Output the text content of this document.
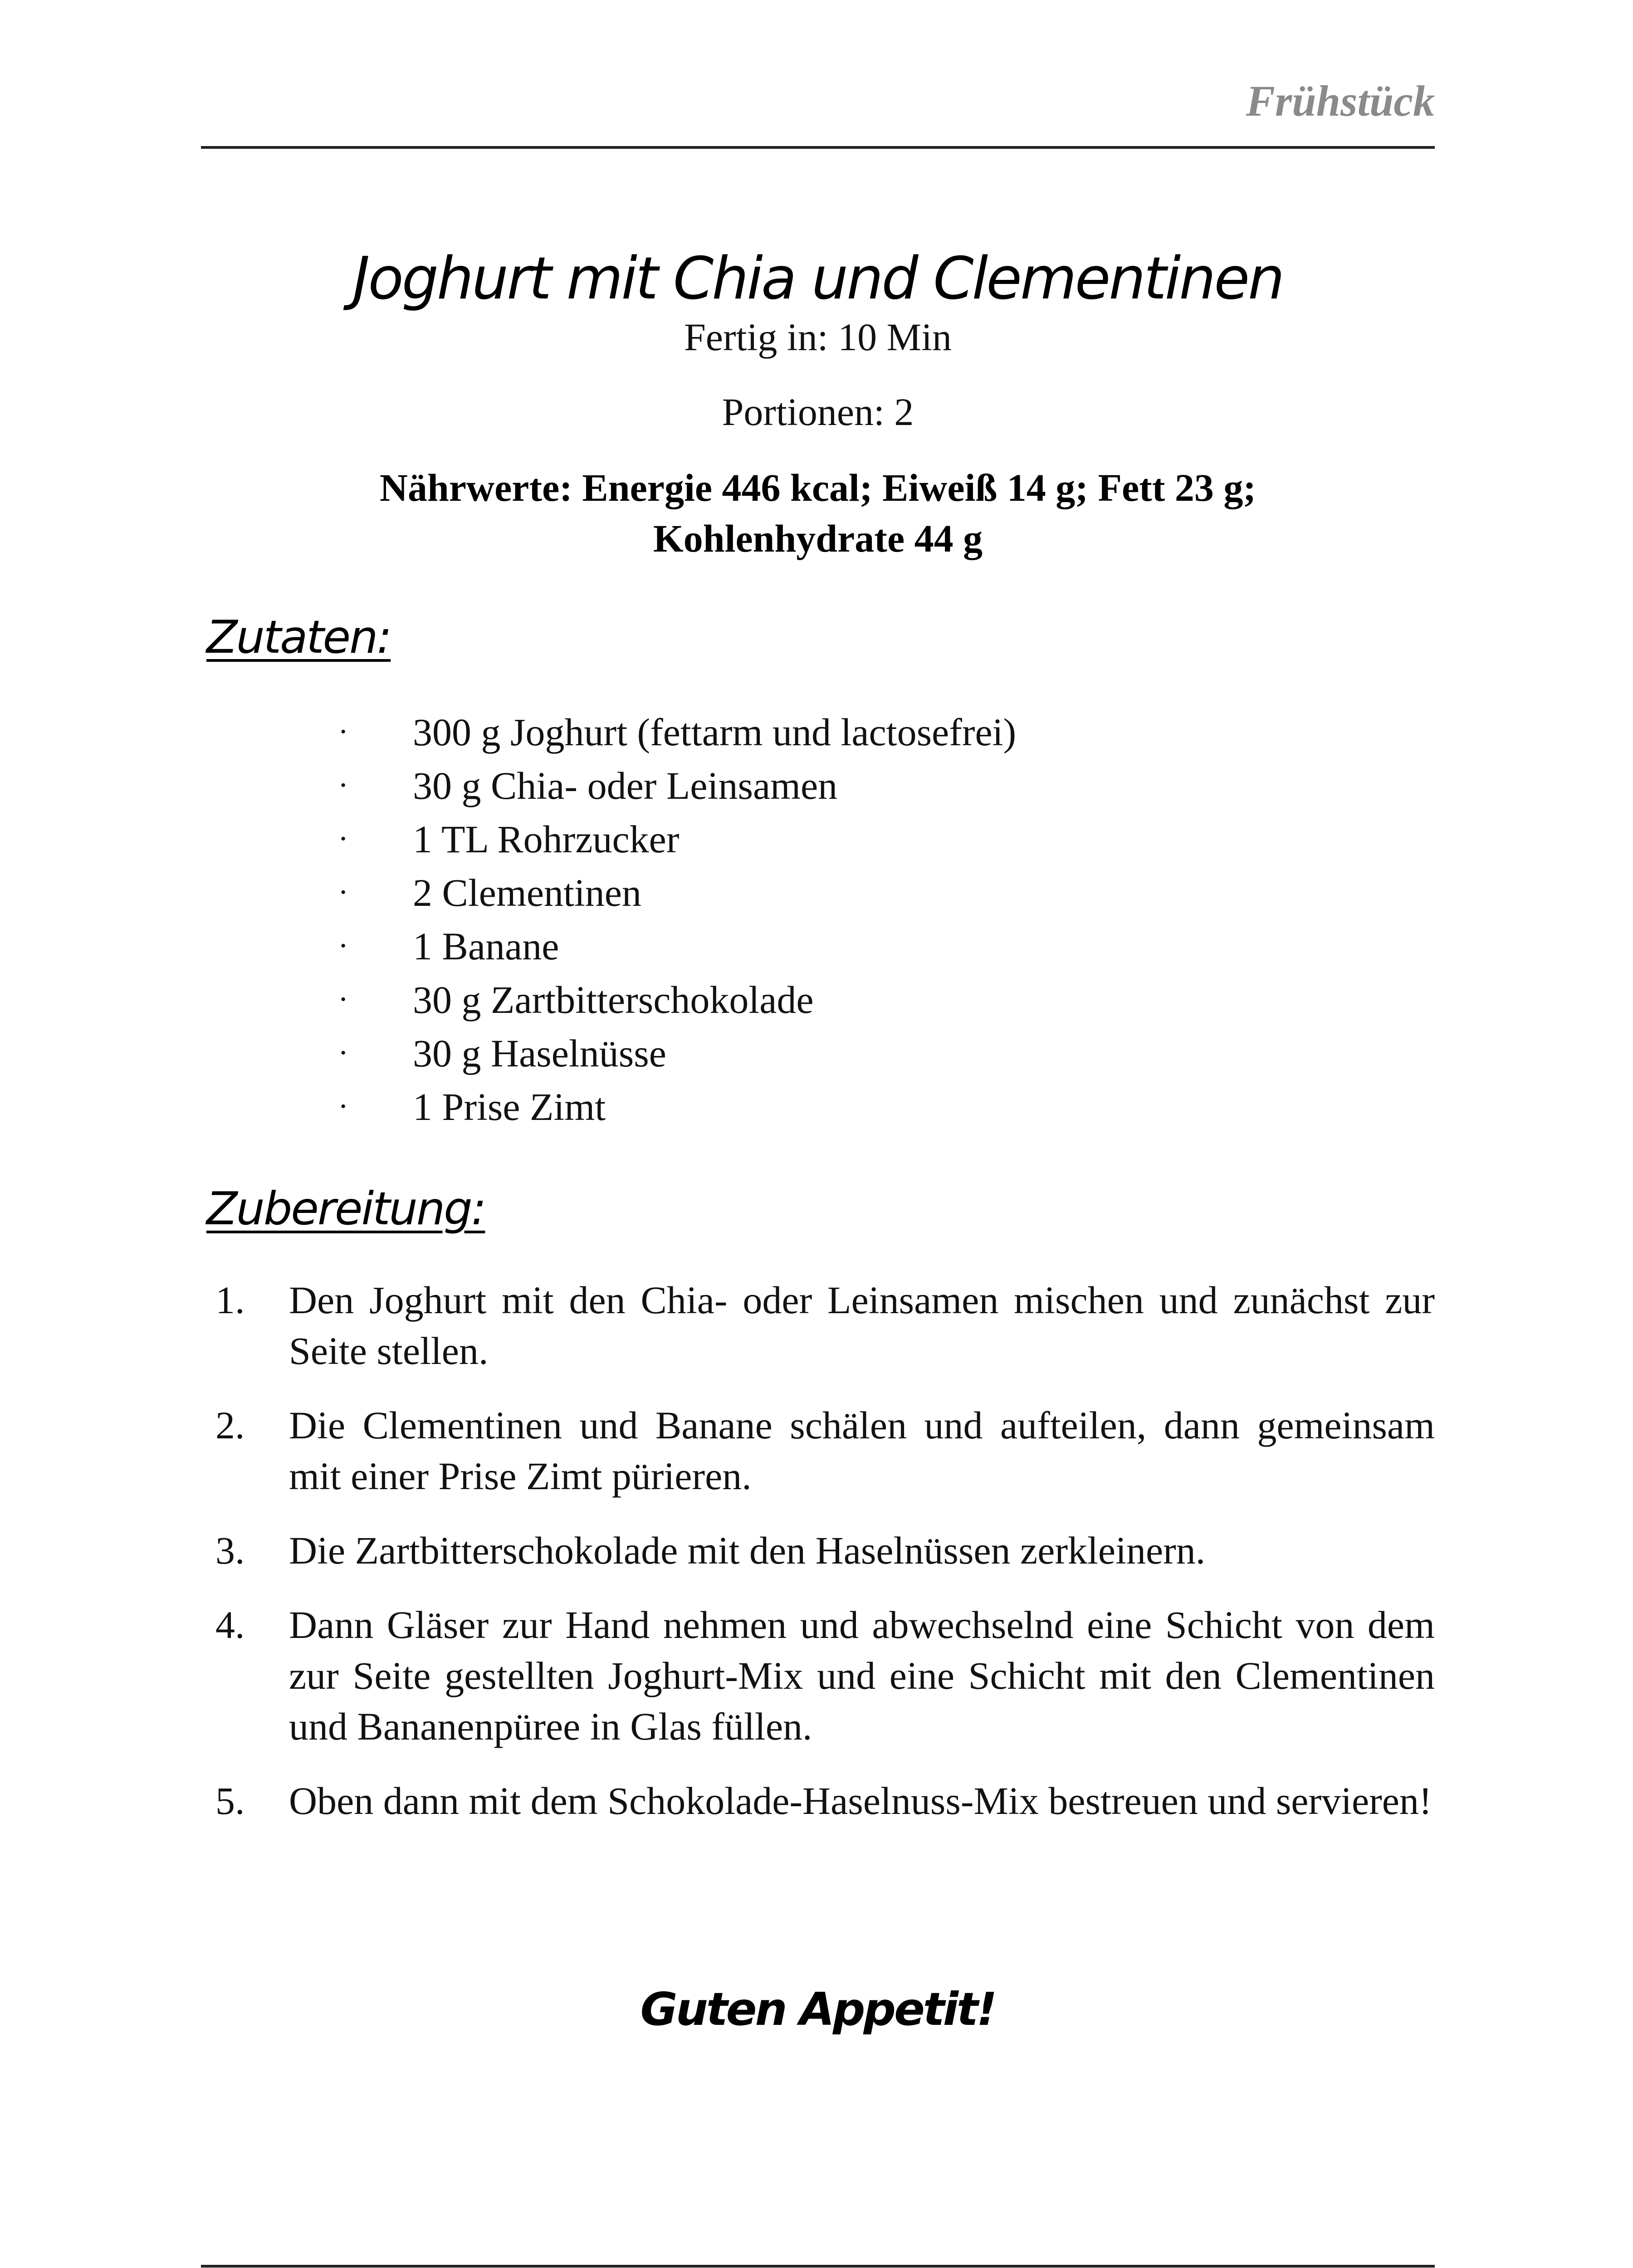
Frühstück
Joghurt mit Chia und Clementinen
Fertig in: 10 Min
Portionen: 2
Nährwerte: Energie 446 kcal; Eiweiß 14 g; Fett 23 g;
Kohlenhydrate 44 g
Zutaten:
· 300 g Joghurt (fettarm und lactosefrei)
· 30 g Chia- oder Leinsamen
· 1 TL Rohrzucker
· 2 Clementinen
· 1 Banane
· 30 g Zartbitterschokolade
· 30 g Haselnüsse
· 1 Prise Zimt
Zubereitung:
1. Den Joghurt mit den Chia- oder Leinsamen mischen und zunächst zur Seite stellen.
2. Die Clementinen und Banane schälen und aufteilen, dann gemeinsam mit einer Prise Zimt pürieren.
3. Die Zartbitterschokolade mit den Haselnüssen zerkleinern.
4. Dann Gläser zur Hand nehmen und abwechselnd eine Schicht von dem zur Seite gestellten Joghurt-Mix und eine Schicht mit den Clementinen und Bananenpüree in Glas füllen.
5. Oben dann mit dem Schokolade-Haselnuss-Mix bestreuen und servieren!
Guten Appetit!
